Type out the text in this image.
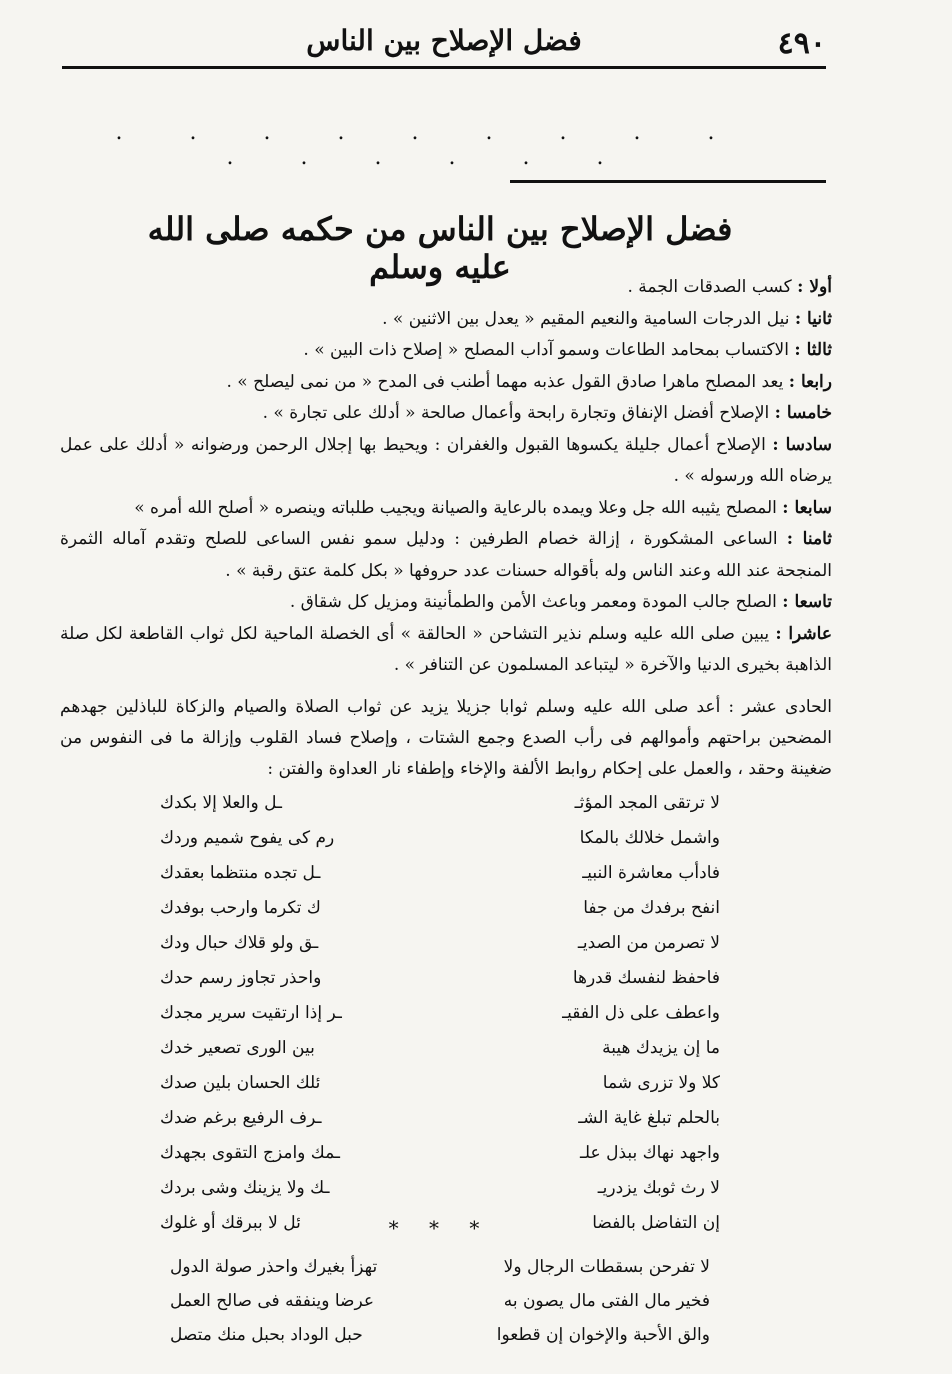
٤٩٠
فضل الإصلاح بين الناس
. . . . . . . . . . . . . . .
فضل الإصلاح بين الناس من حكمه صلى الله عليه وسلم

أولا : كسب الصدقات الجمة .

ثانيا : نيل الدرجات السامية والنعيم المقيم « يعدل بين الاثنين » .

ثالثا : الاكتساب بمحامد الطاعات وسمو آداب المصلح « إصلاح ذات البين » .

رابعا : يعد المصلح ماهرا صادق القول عذبه مهما أطنب فى المدح « من نمى ليصلح » .

خامسا : الإصلاح أفضل الإنفاق وتجارة رابحة وأعمال صالحة « أدلك على تجارة » .

سادسا : الإصلاح أعمال جليلة يكسوها القبول والغفران : ويحيط بها إجلال الرحمن ورضوانه « أدلك على عمل يرضاه الله ورسوله » .

سابعا : المصلح يثيبه الله جل وعلا ويمده بالرعاية والصيانة ويجيب طلباته وينصره « أصلح الله أمره »

ثامنا : الساعى المشكورة ، إزالة خصام الطرفين : ودليل سمو نفس الساعى للصلح وتقدم آماله الثمرة المنجحة عند الله وعند الناس وله بأقواله حسنات عدد حروفها « بكل كلمة عتق رقبة » .

تاسعا : الصلح جالب المودة ومعمر وباعث الأمن والطمأنينة ومزيل كل شقاق .

عاشرا : يبين صلى الله عليه وسلم نذير التشاحن « الحالقة » أى الخصلة الماحية لكل ثواب القاطعة لكل صلة الذاهبة بخيرى الدنيا والآخرة « ليتباعد المسلمون عن التنافر » .

الحادى عشر : أعد صلى الله عليه وسلم ثوابا جزيلا يزيد عن ثواب الصلاة والصيام والزكاة للباذلين جهدهم المضحين براحتهم وأموالهم فى رأب الصدع وجمع الشتات ، وإصلاح فساد القلوب وإزالة ما فى النفوس من ضغينة وحقد ، والعمل على إحكام روابط الألفة والإخاء وإطفاء نار العداوة والفتن :
لا ترتقى المجد المؤثـ
ـل والعلا إلا بكدك
واشمل خلالك بالمكا
رم كى يفوح شميم وردك
فادأب معاشرة النبيـ
ـل تجده منتظما بعقدك
انفح برفدك من جفا
ك تكرما وارحب بوفدك
لا تصرمن من الصديـ
ـق ولو قلاك حبال ودك
فاحفظ لنفسك قدرها
واحذر تجاوز رسم حدك
واعطف على ذل الفقيـ
ـر إذا ارتقيت سرير مجدك
ما إن يزيدك هيبة
بين الورى تصعير خدك
كلا ولا تزرى شما
ئلك الحسان بلين صدك
بالحلم تبلغ غاية الشـ
ـرف الرفيع برغم ضدك
واجهد نهاك ببذل علـ
ـمك وامزج التقوى بجهدك
لا رث ثوبك يزدريـ
ـك ولا يزينك وشى بردك
إن التفاضل بالفضا
ئل لا ببرقك أو غلوك	* * *
لا تفرحن بسقطات الرجال ولا
تهزأ بغيرك واحذر صولة الدول
فخير مال الفتى مال يصون به
عرضا وينفقه فى صالح العمل
والق الأحبة والإخوان إن قطعوا
حبل الوداد بحبل منك متصل
